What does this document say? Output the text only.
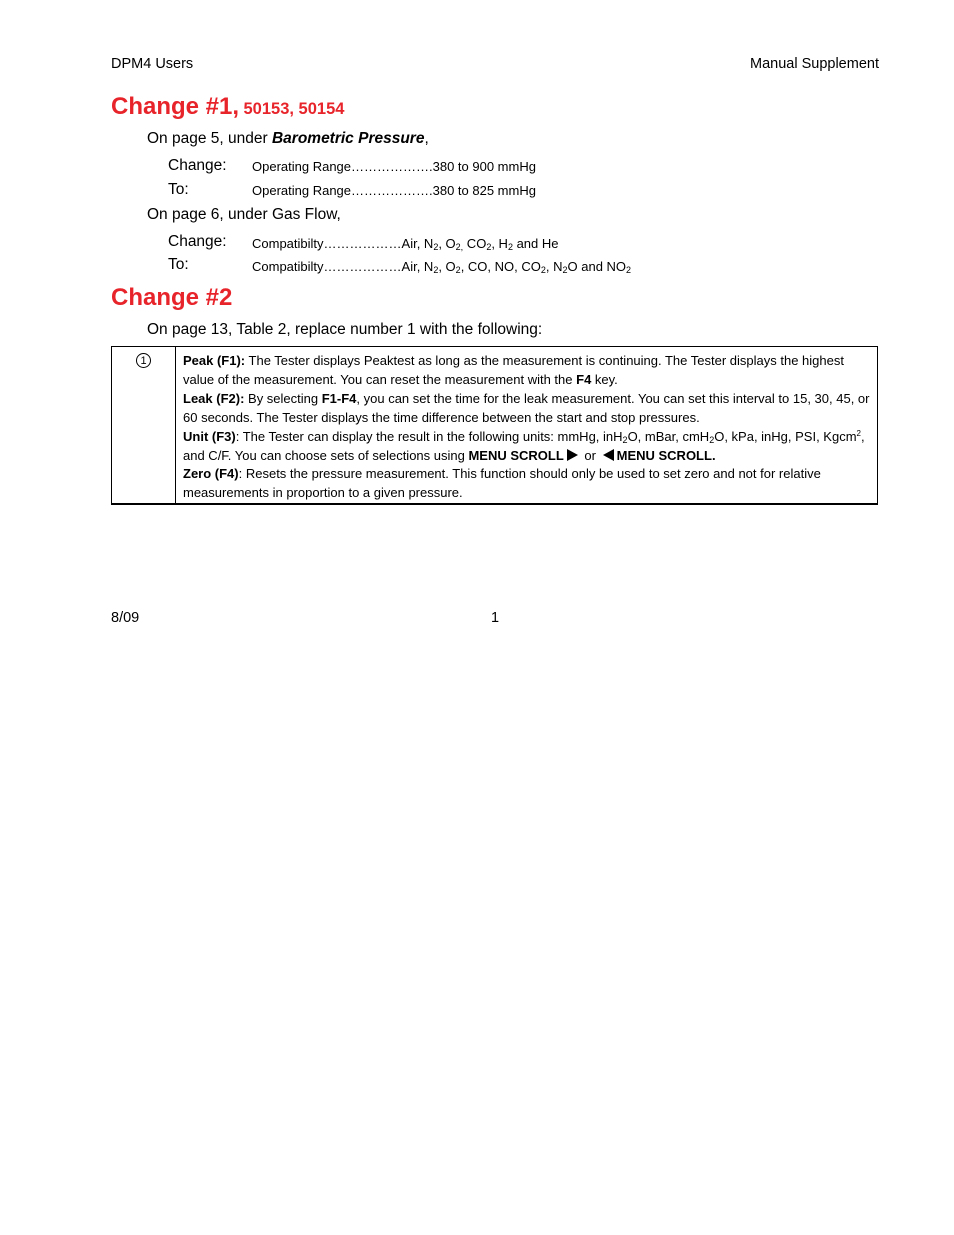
DPM4 Users	Manual Supplement
Change #1, 50153, 50154
On page 5, under Barometric Pressure,
Change: Operating Range……………….380 to 900 mmHg
To:	Operating Range……………….380 to 825 mmHg
On page 6, under Gas Flow,
Change: Compatibilty………………Air, $N_2$, $O_{2,}$ $CO_2$, $H_2$ and He
To:	Compatibilty………………Air, $N_2$, $O_2$, CO, NO, $CO_2$, $N_2O$ and $NO_2$
Change #2
On page 13, Table 2, replace number 1 with the following:
1	Peak (F1): The Tester displays Peaktest as long as the measurement is continuing. The Tester displays the highest value of the measurement. You can reset the measurement with the F4 key.
Leak (F2): By selecting F1-F4, you can set the time for the leak measurement. You can set this interval to 15, 30, 45, or 60 seconds. The Tester displays the time difference between the start and stop pressures.
Unit (F3): The Tester can display the result in the following units: mmHg, inH$_2$O, mBar, cmH$_2$O, kPa, inHg, PSI, Kgcm$^2$, and C/F. You can choose sets of selections using MENU SCROLL or MENU SCROLL.
Zero (F4): Resets the pressure measurement. This function should only be used to set zero and not for relative measurements in proportion to a given pressure.
8/09	1
